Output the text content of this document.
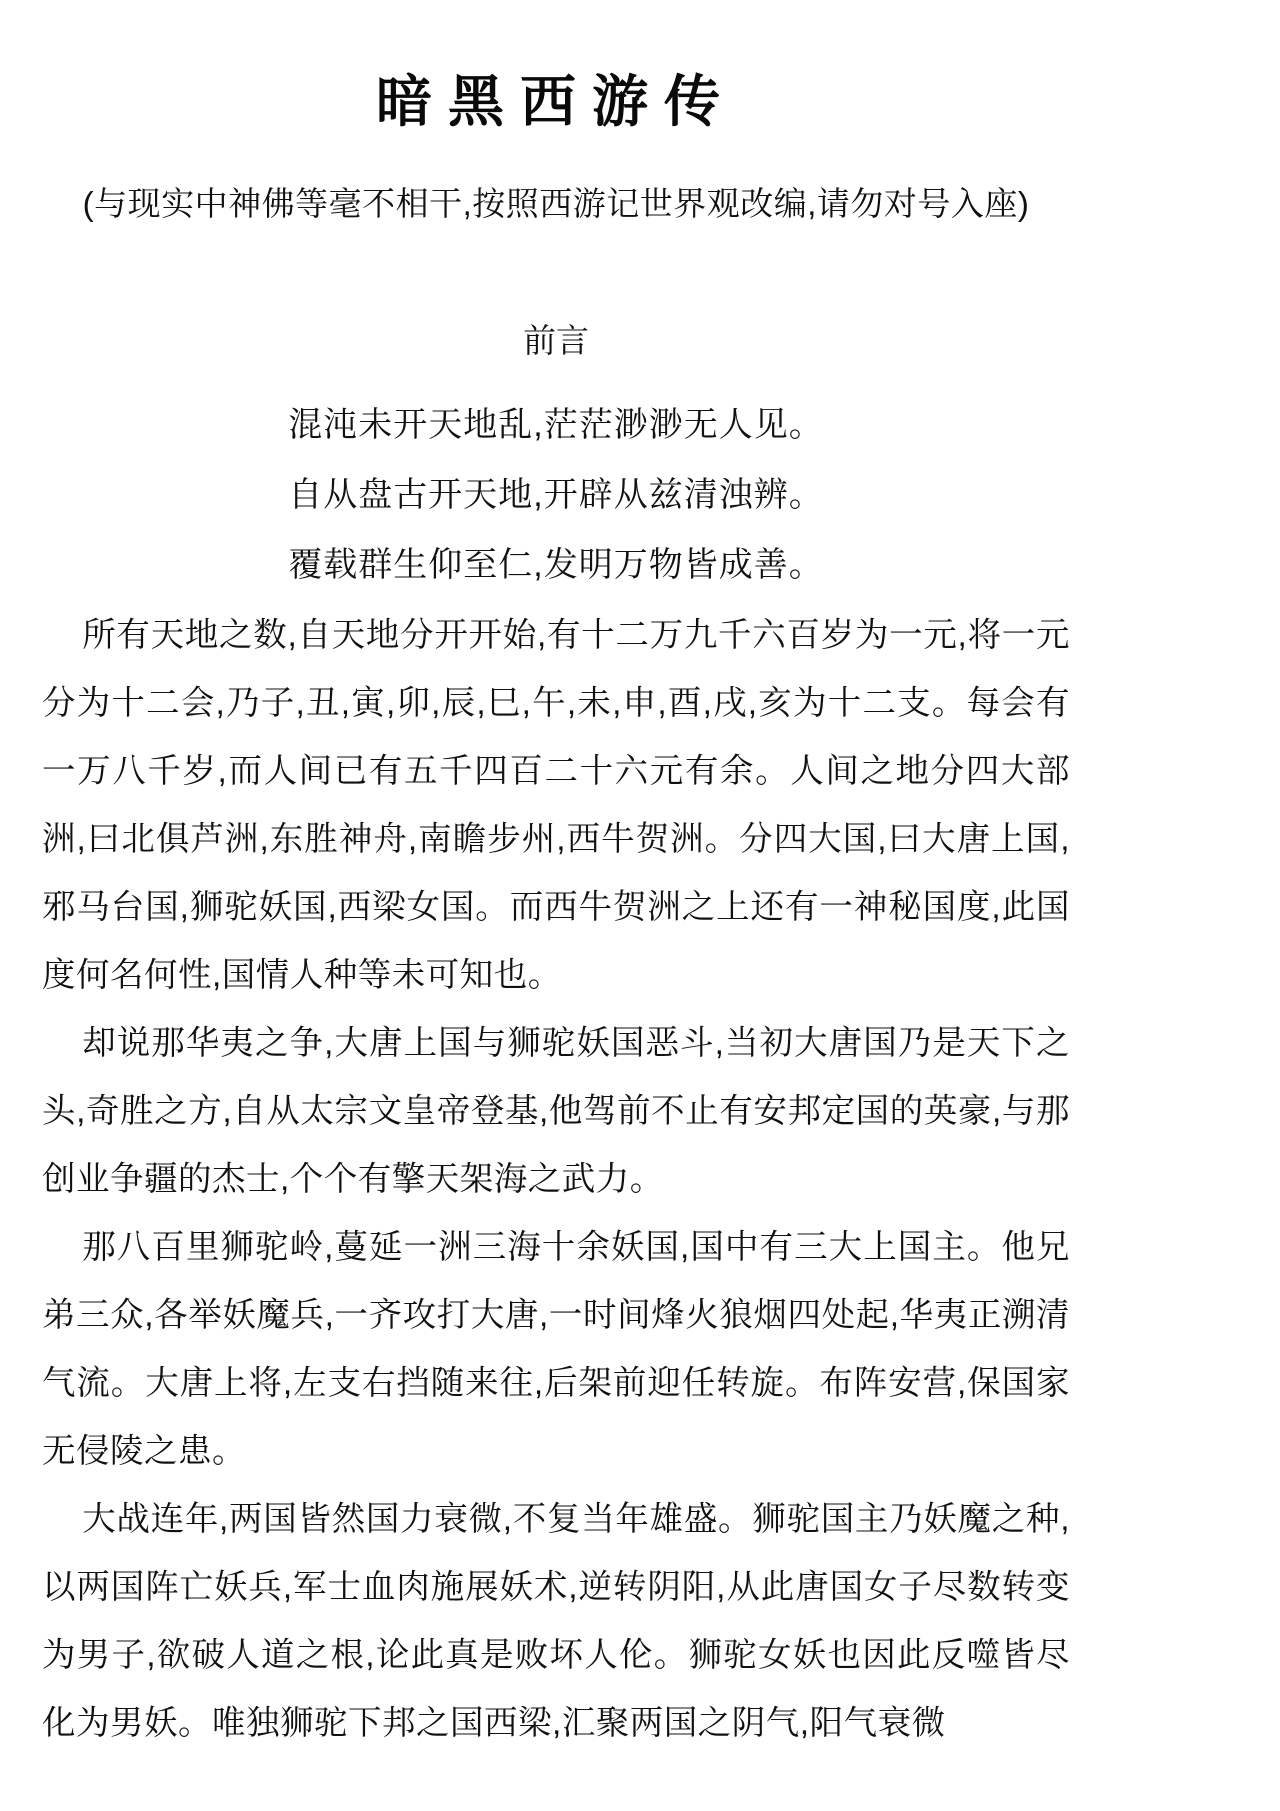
暗黑西游传

(与现实中神佛等毫不相干,按照西游记世界观改编,请勿对号入座)

前言

混沌未开天地乱,茫茫渺渺无人见。

自从盘古开天地,开辟从兹清浊辨。

覆载群生仰至仁,发明万物皆成善。

所有天地之数,自天地分开开始,有十二万九千六百岁为一元,将一元分为十二会,乃子,丑,寅,卯,辰,巳,午,未,申,酉,戌,亥为十二支。每会有一万八千岁,而人间已有五千四百二十六元有余。人间之地分四大部洲,曰北俱芦洲,东胜神舟,南瞻步州,西牛贺洲。分四大国,曰大唐上国,邪马台国,狮驼妖国,西梁女国。而西牛贺洲之上还有一神秘国度,此国度何名何性,国情人种等未可知也。

却说那华夷之争,大唐上国与狮驼妖国恶斗,当初大唐国乃是天下之头,奇胜之方,自从太宗文皇帝登基,他驾前不止有安邦定国的英豪,与那创业争疆的杰士,个个有擎天架海之武力。

那八百里狮驼岭,蔓延一洲三海十余妖国,国中有三大上国主。他兄弟三众,各举妖魔兵,一齐攻打大唐,一时间烽火狼烟四处起,华夷正溯清气流。大唐上将,左支右挡随来往,后架前迎任转旋。布阵安营,保国家无侵陵之患。

大战连年,两国皆然国力衰微,不复当年雄盛。狮驼国主乃妖魔之种,以两国阵亡妖兵,军士血肉施展妖术,逆转阴阳,从此唐国女子尽数转变为男子,欲破人道之根,论此真是败坏人伦。狮驼女妖也因此反噬皆尽化为男妖。唯独狮驼下邦之国西梁,汇聚两国之阴气,阳气衰微
